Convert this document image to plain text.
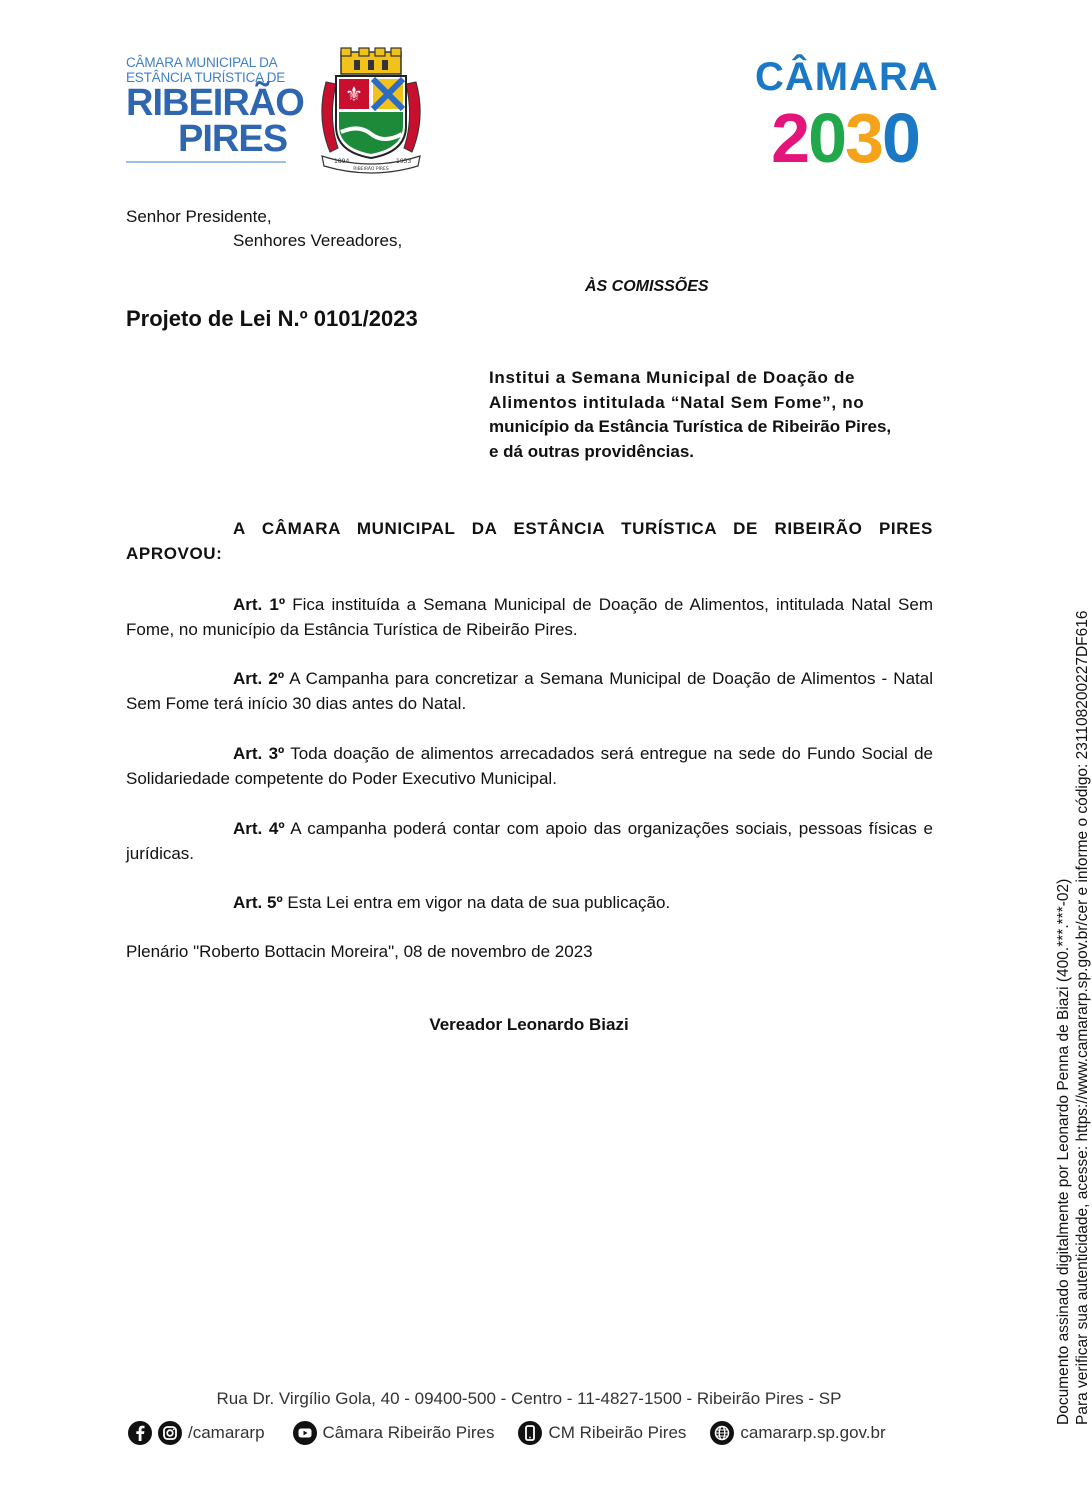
CÂMARA MUNICIPAL DA
ESTÂNCIA TURÍSTICA DE
RIBEIRÃO
PIRES
⚜
1894	1953
RIBEIRÃO PIRES
CÂMARA
2 0 3 0
Senhor Presidente,
Senhores Vereadores,
ÀS COMISSÕES
Projeto de Lei N.º 0101/2023
Institui a Semana Municipal de Doação de
Alimentos intitulada “Natal Sem Fome”, no
município da Estância Turística de Ribeirão Pires,
e dá outras providências.
A CÂMARA MUNICIPAL DA ESTÂNCIA TURÍSTICA DE RIBEIRÃO PIRES APROVOU:
Art. 1º Fica instituída a Semana Municipal de Doação de Alimentos, intitulada Natal Sem Fome, no município da Estância Turística de Ribeirão Pires.
Art. 2º A Campanha para concretizar a Semana Municipal de Doação de Alimentos - Natal Sem Fome terá início 30 dias antes do Natal.
Art. 3º Toda doação de alimentos arrecadados será entregue na sede do Fundo Social de Solidariedade competente do Poder Executivo Municipal.
Art. 4º A campanha poderá contar com apoio das organizações sociais, pessoas físicas e jurídicas.
Art. 5º Esta Lei entra em vigor na data de sua publicação.
Plenário "Roberto Bottacin Moreira", 08 de novembro de 2023
Vereador Leonardo Biazi	Documento assinado digitalmente por Leonardo Penna de Biazi (400.***.***-02) Para verificar sua autenticidade, acesse: https://www.camararp.sp.gov.br/cer e informe o código: 231108200227DF616
Rua Dr. Virgílio Gola, 40 - 09400-500 - Centro - 11-4827-1500 - Ribeirão Pires - SP
/camararp	Câmara Ribeirão Pires	CM Ribeirão Pires	camararp.sp.gov.br
